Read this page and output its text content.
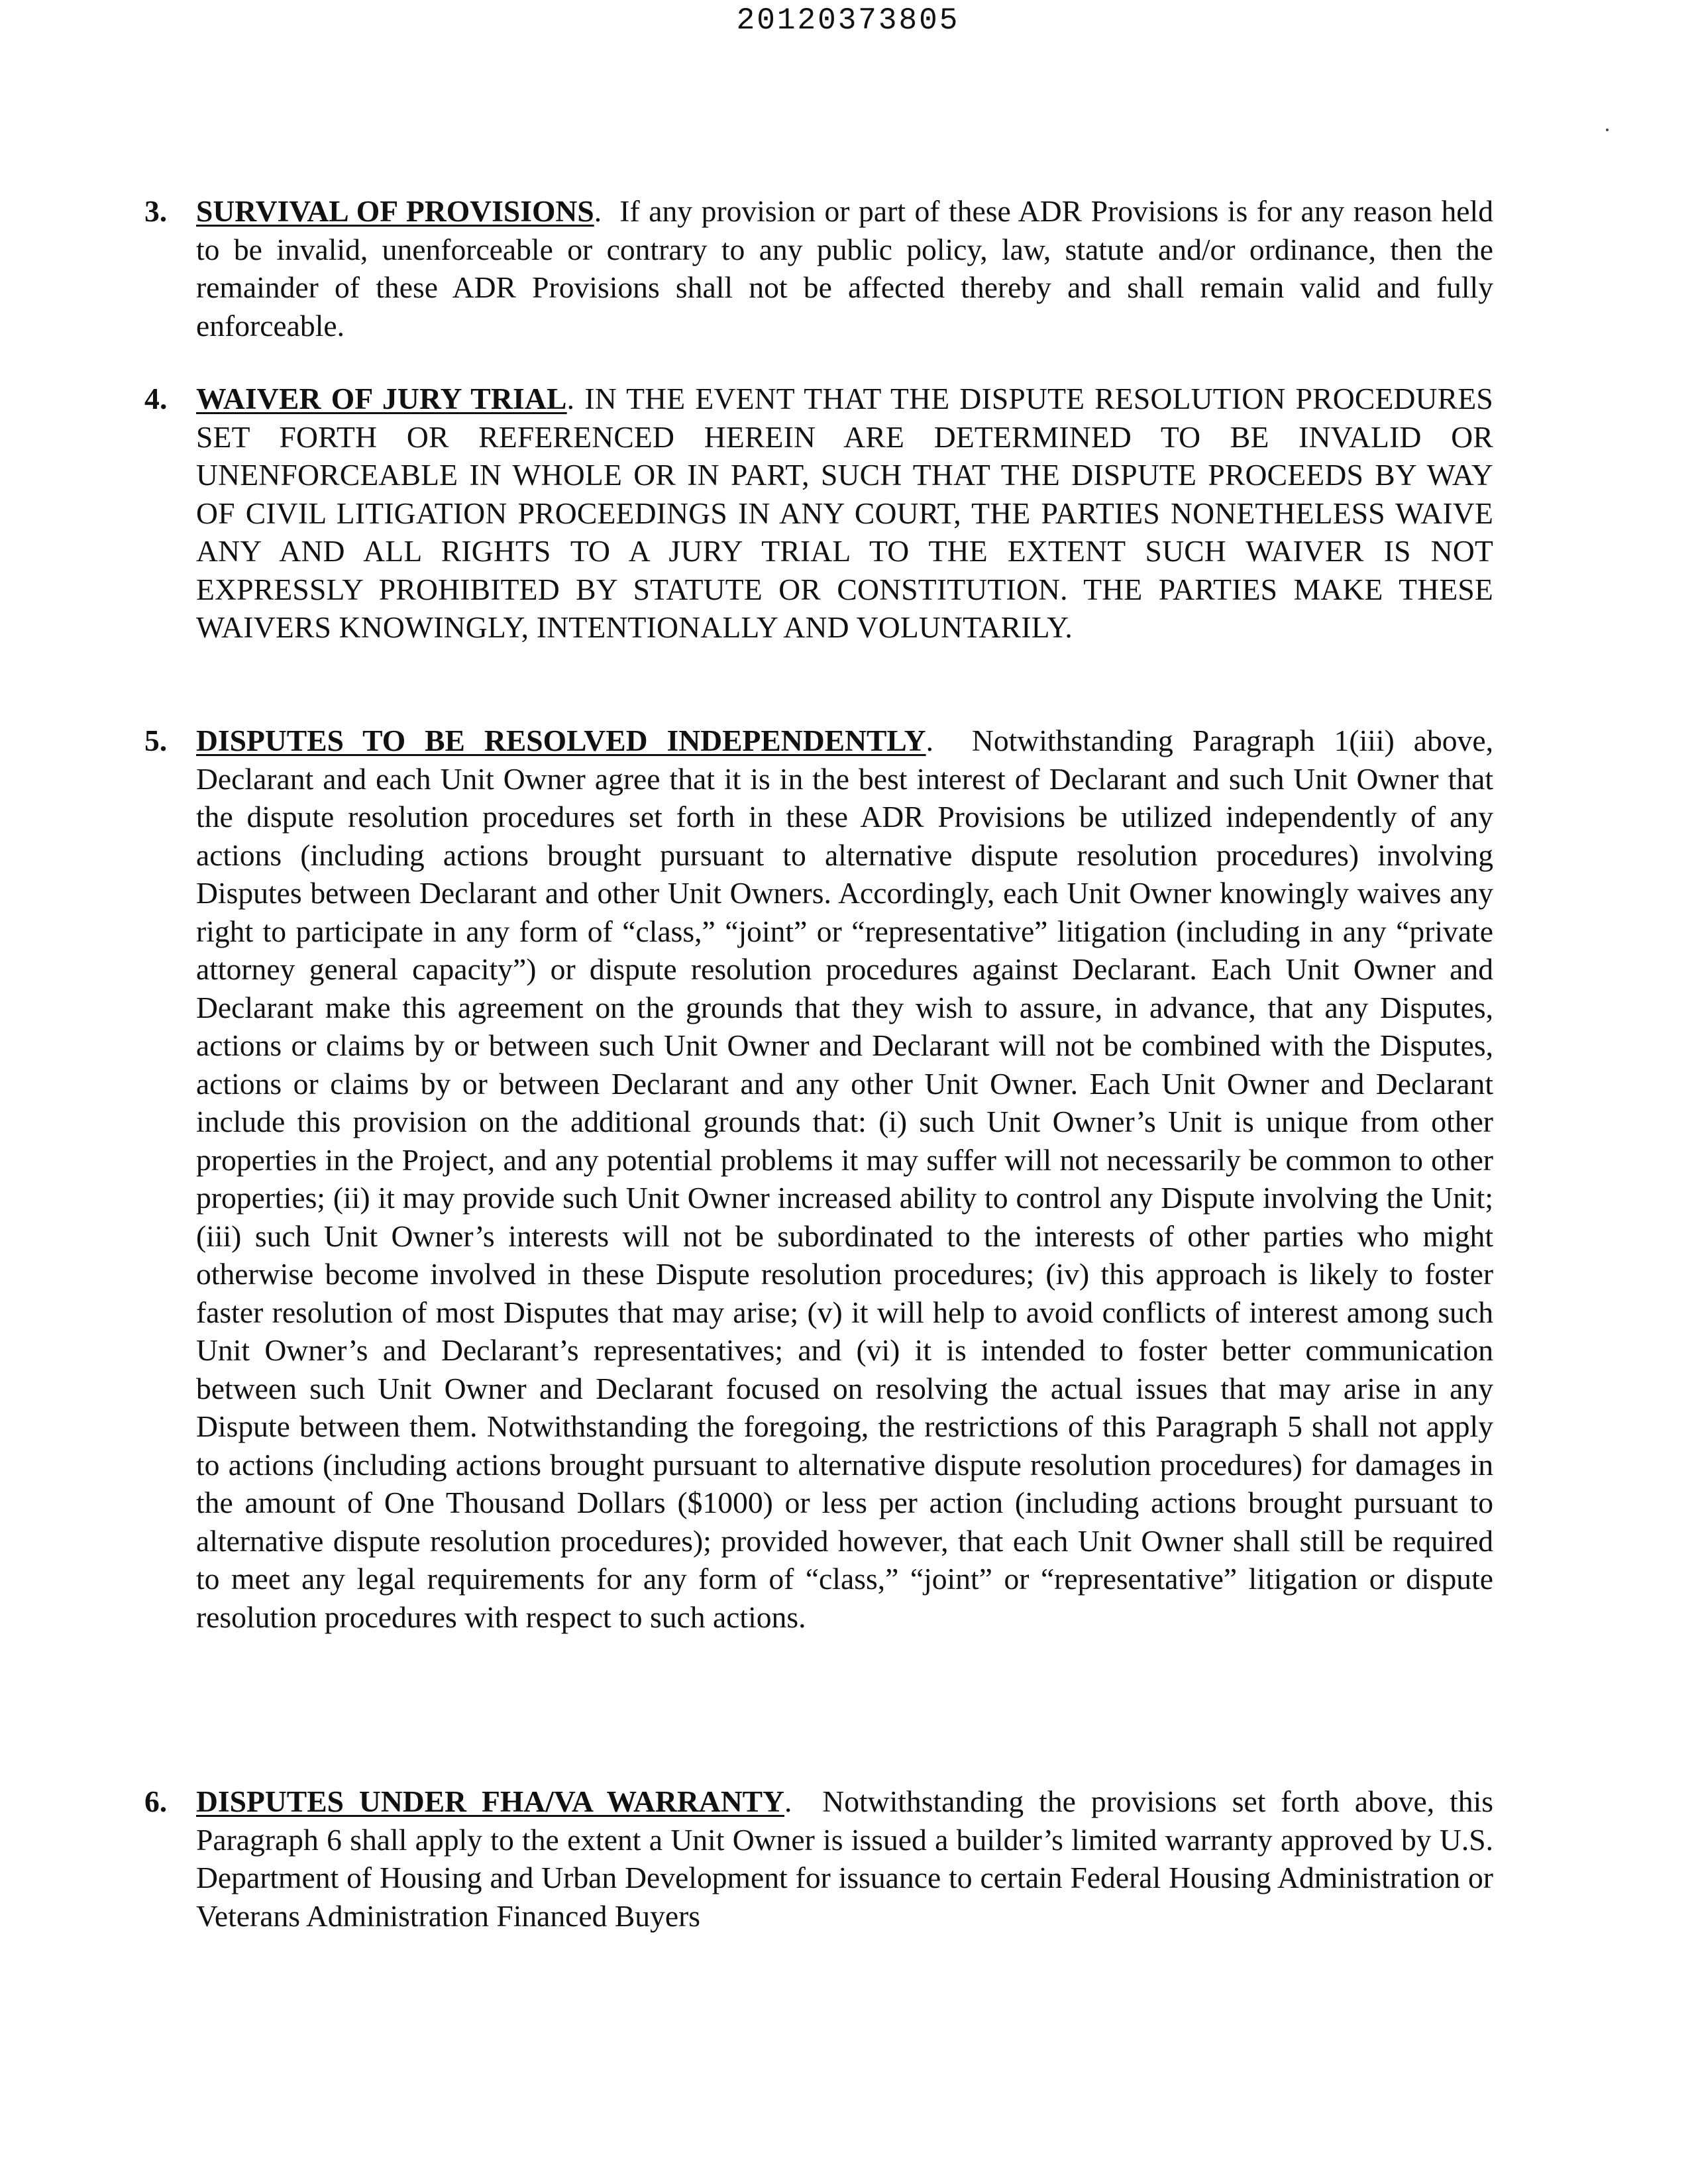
20120373805
3. SURVIVAL OF PROVISIONS. If any provision or part of these ADR Provisions is for any reason held to be invalid, unenforceable or contrary to any public policy, law, statute and/or ordinance, then the remainder of these ADR Provisions shall not be affected thereby and shall remain valid and fully enforceable.
4. WAIVER OF JURY TRIAL. IN THE EVENT THAT THE DISPUTE RESOLUTION PROCEDURES SET FORTH OR REFERENCED HEREIN ARE DETERMINED TO BE INVALID OR UNENFORCEABLE IN WHOLE OR IN PART, SUCH THAT THE DISPUTE PROCEEDS BY WAY OF CIVIL LITIGATION PROCEEDINGS IN ANY COURT, THE PARTIES NONETHELESS WAIVE ANY AND ALL RIGHTS TO A JURY TRIAL TO THE EXTENT SUCH WAIVER IS NOT EXPRESSLY PROHIBITED BY STATUTE OR CONSTITUTION. THE PARTIES MAKE THESE WAIVERS KNOWINGLY, INTENTIONALLY AND VOLUNTARILY.
5. DISPUTES TO BE RESOLVED INDEPENDENTLY. Notwithstanding Paragraph 1(iii) above, Declarant and each Unit Owner agree that it is in the best interest of Declarant and such Unit Owner that the dispute resolution procedures set forth in these ADR Provisions be utilized independently of any actions (including actions brought pursuant to alternative dispute resolution procedures) involving Disputes between Declarant and other Unit Owners. Accordingly, each Unit Owner knowingly waives any right to participate in any form of “class,” “joint” or “representative” litigation (including in any “private attorney general capacity”) or dispute resolution procedures against Declarant. Each Unit Owner and Declarant make this agreement on the grounds that they wish to assure, in advance, that any Disputes, actions or claims by or between such Unit Owner and Declarant will not be combined with the Disputes, actions or claims by or between Declarant and any other Unit Owner. Each Unit Owner and Declarant include this provision on the additional grounds that: (i) such Unit Owner’s Unit is unique from other properties in the Project, and any potential problems it may suffer will not necessarily be common to other properties; (ii) it may provide such Unit Owner increased ability to control any Dispute involving the Unit; (iii) such Unit Owner’s interests will not be subordinated to the interests of other parties who might otherwise become involved in these Dispute resolution procedures; (iv) this approach is likely to foster faster resolution of most Disputes that may arise; (v) it will help to avoid conflicts of interest among such Unit Owner’s and Declarant’s representatives; and (vi) it is intended to foster better communication between such Unit Owner and Declarant focused on resolving the actual issues that may arise in any Dispute between them. Notwithstanding the foregoing, the restrictions of this Paragraph 5 shall not apply to actions (including actions brought pursuant to alternative dispute resolution procedures) for damages in the amount of One Thousand Dollars ($1000) or less per action (including actions brought pursuant to alternative dispute resolution procedures); provided however, that each Unit Owner shall still be required to meet any legal requirements for any form of “class,” “joint” or “representative” litigation or dispute resolution procedures with respect to such actions.
6. DISPUTES UNDER FHA/VA WARRANTY. Notwithstanding the provisions set forth above, this Paragraph 6 shall apply to the extent a Unit Owner is issued a builder’s limited warranty approved by U.S. Department of Housing and Urban Development for issuance to certain Federal Housing Administration or Veterans Administration Financed Buyers
